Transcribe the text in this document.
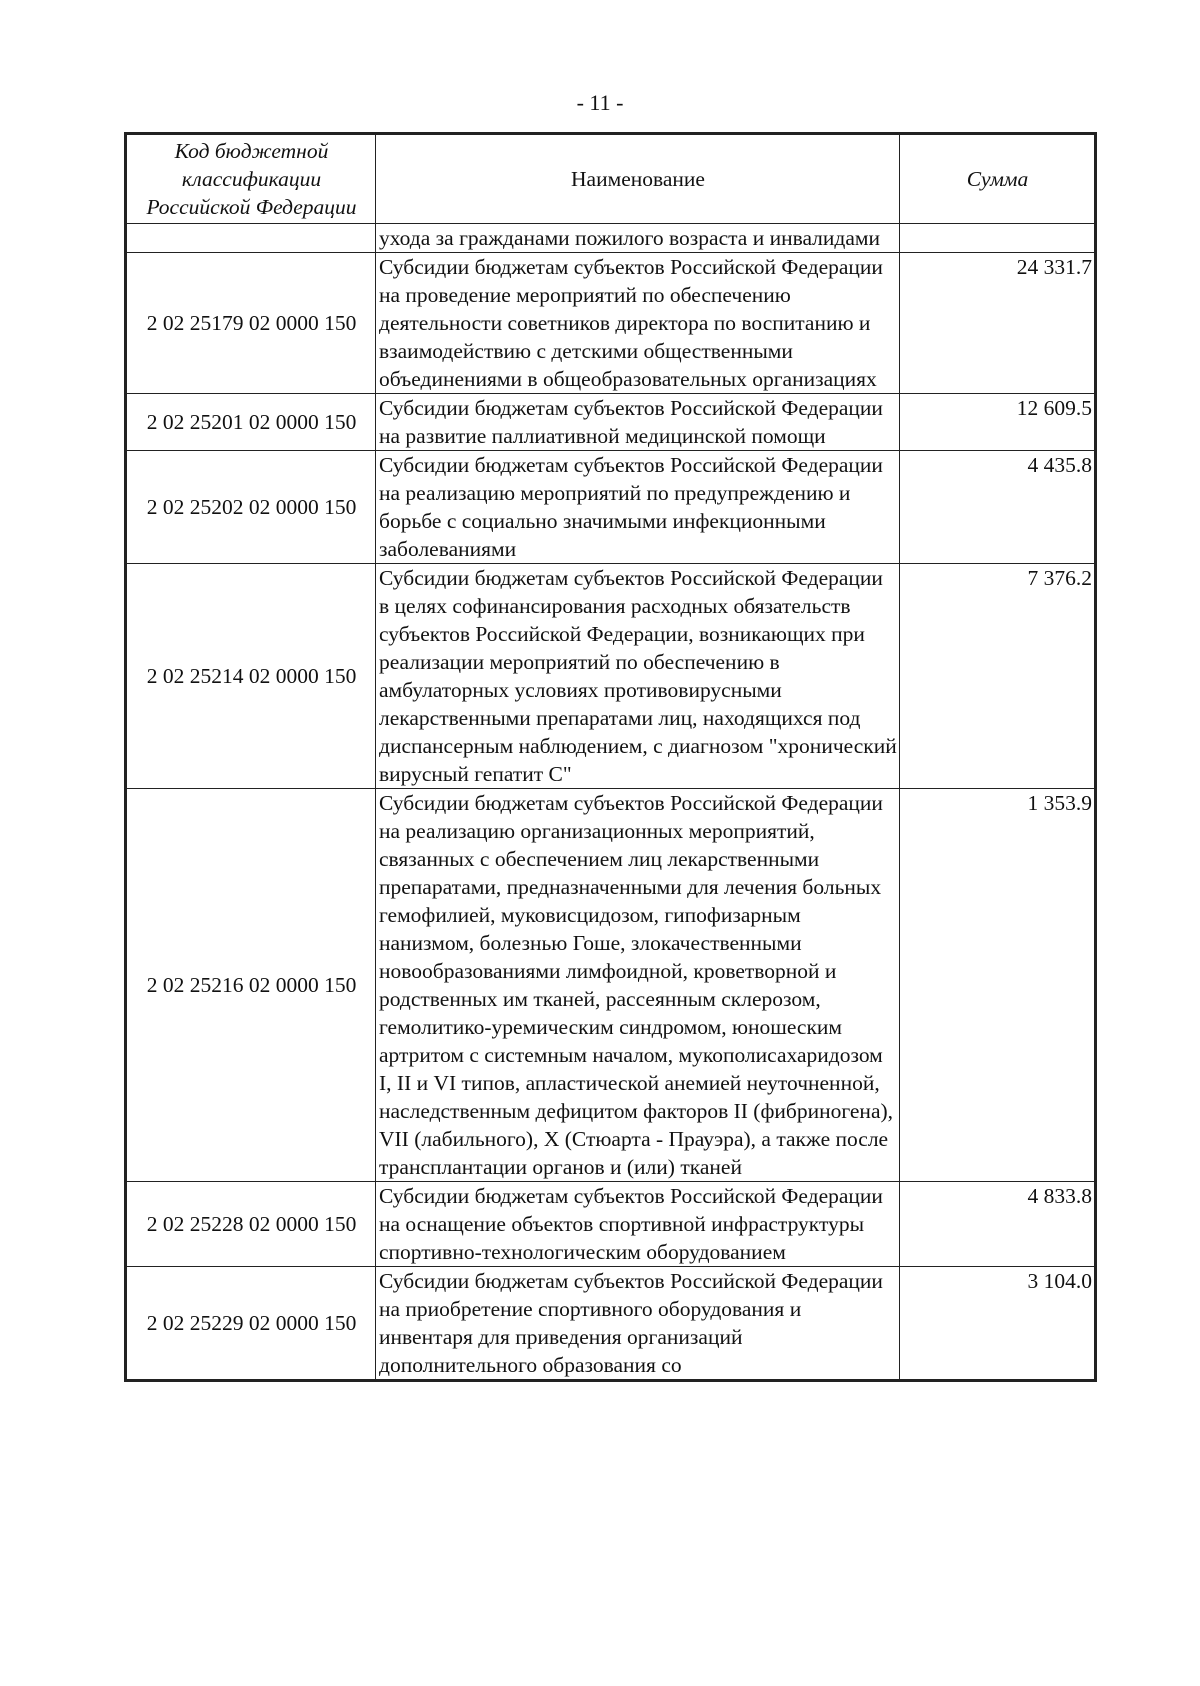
- 11 -
Код бюджетной классификации Российской Федерации	Наименование	Сумма
	ухода за гражданами пожилого возраста и инвалидами	
2 02 25179 02 0000 150	Субсидии бюджетам субъектов Российской Федерации на проведение мероприятий по обеспечению деятельности советников директора по воспитанию и взаимодействию с детскими общественными объединениями в общеобразовательных организациях	24 331.7
2 02 25201 02 0000 150	Субсидии бюджетам субъектов Российской Федерации на развитие паллиативной медицинской помощи	12 609.5
2 02 25202 02 0000 150	Субсидии бюджетам субъектов Российской Федерации на реализацию мероприятий по предупреждению и борьбе с социально значимыми инфекционными заболеваниями	4 435.8
2 02 25214 02 0000 150	Субсидии бюджетам субъектов Российской Федерации в целях софинансирования расходных обязательств субъектов Российской Федерации, возникающих при реализации мероприятий по обеспечению в амбулаторных условиях противовирусными лекарственными препаратами лиц, находящихся под диспансерным наблюдением, с диагнозом "хронический вирусный гепатит С"	7 376.2
2 02 25216 02 0000 150	Субсидии бюджетам субъектов Российской Федерации на реализацию организационных мероприятий, связанных с обеспечением лиц лекарственными препаратами, предназначенными для лечения больных гемофилией, муковисцидозом, гипофизарным нанизмом, болезнью Гоше, злокачественными новообразованиями лимфоидной, кроветворной и родственных им тканей, рассеянным склерозом, гемолитико-уремическим синдромом, юношеским артритом с системным началом, мукополисахаридозом I, II и VI типов, апластической анемией неуточненной, наследственным дефицитом факторов II (фибриногена), VII (лабильного), X (Стюарта - Прауэра), а также после трансплантации органов и (или) тканей	1 353.9
2 02 25228 02 0000 150	Субсидии бюджетам субъектов Российской Федерации на оснащение объектов спортивной инфраструктуры спортивно-технологическим оборудованием	4 833.8
2 02 25229 02 0000 150	Субсидии бюджетам субъектов Российской Федерации на приобретение спортивного оборудования и инвентаря для приведения организаций дополнительного образования со	3 104.0
